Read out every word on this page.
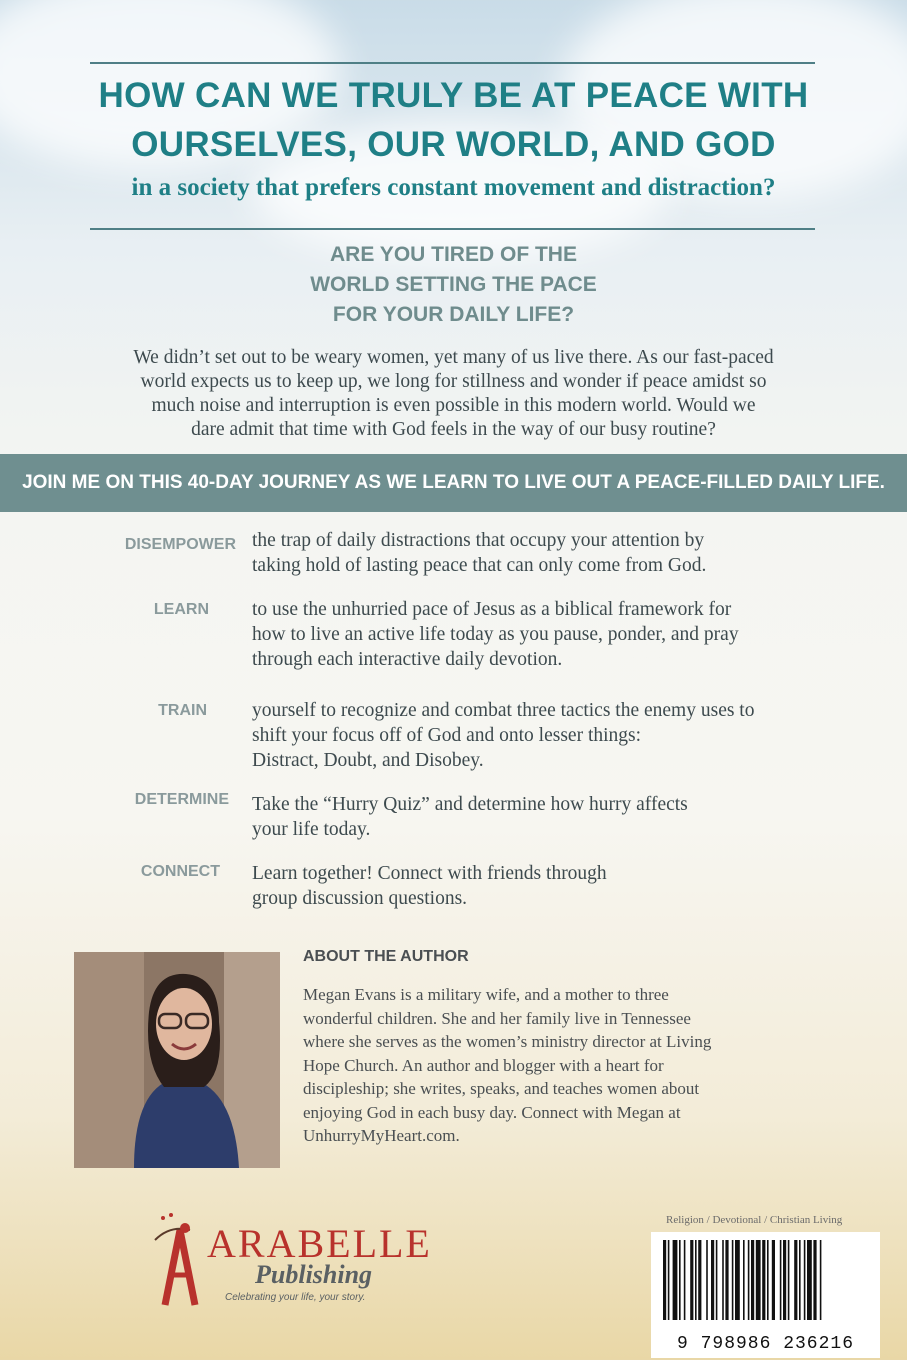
HOW CAN WE TRULY BE AT PEACE WITH
OURSELVES, OUR WORLD, AND GOD
in a society that prefers constant movement and distraction?
ARE YOU TIRED OF THE
WORLD SETTING THE PACE
FOR YOUR DAILY LIFE?
We didn’t set out to be weary women, yet many of us live there. As our fast-paced
world expects us to keep up, we long for stillness and wonder if peace amidst so
much noise and interruption is even possible in this modern world. Would we
dare admit that time with God feels in the way of our busy routine?
JOIN ME ON THIS 40-DAY JOURNEY AS WE LEARN TO LIVE OUT A PEACE-FILLED DAILY LIFE.
DISEMPOWER the trap of daily distractions that occupy your attention by
taking hold of lasting peace that can only come from God.
LEARN to use the unhurried pace of Jesus as a biblical framework for
how to live an active life today as you pause, ponder, and pray
through each interactive daily devotion.
TRAIN yourself to recognize and combat three tactics the enemy uses to
shift your focus off of God and onto lesser things:
Distract, Doubt, and Disobey.
DETERMINE Take the “Hurry Quiz” and determine how hurry affects
your life today.
CONNECT Learn together! Connect with friends through
group discussion questions.
ABOUT THE AUTHOR
Megan Evans is a military wife, and a mother to three
wonderful children. She and her family live in Tennessee
where she serves as the women’s ministry director at Living
Hope Church. An author and blogger with a heart for
discipleship; she writes, speaks, and teaches women about
enjoying God in each busy day. Connect with Megan at
UnhurryMyHeart.com.
ARABELLE
Publishing
Celebrating your life, your story.
Religion / Devotional / Christian Living
9 798986 236216
